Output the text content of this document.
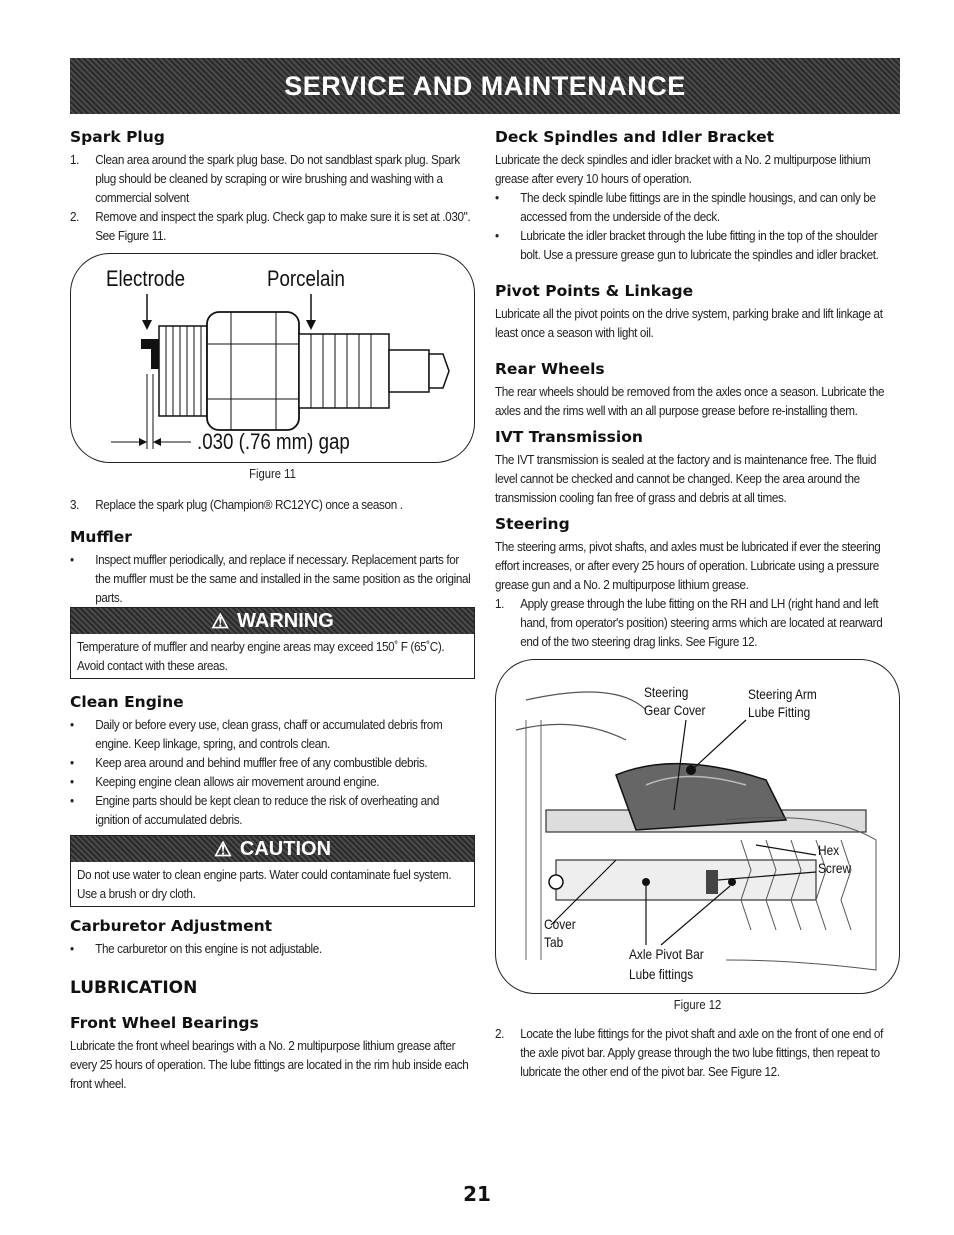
SERVICE AND MAINTENANCE
Spark Plug
1. Clean area around the spark plug base. Do not sandblast spark plug. Spark plug should be cleaned by scraping or wire brushing and washing with a commercial solvent
2. Remove and inspect the spark plug. Check gap to make sure it is set at .030". See Figure 11.
Electrode	Porcelain
.030 (.76 mm) gap
Figure 11
3. Replace the spark plug (Champion® RC12YC) once a season .
Muffler
• Inspect muffler periodically, and replace if necessary. Replacement parts for the muffler must be the same and installed in the same position as the original parts.
⚠ WARNING

Temperature of muffler and nearby engine areas may exceed 150˚ F (65˚C). Avoid contact with these areas.

Clean Engine
• Daily or before every use, clean grass, chaff or accumulated debris from engine. Keep linkage, spring, and controls clean.
• Keep area around and behind muffler free of any combustible debris.
• Keeping engine clean allows air movement around engine.
• Engine parts should be kept clean to reduce the risk of overheating and ignition of accumulated debris.
⚠ CAUTION

Do not use water to clean engine parts. Water could contaminate fuel system. Use a brush or dry cloth.

Carburetor Adjustment
• The carburetor on this engine is not adjustable.
LUBRICATION
Front Wheel Bearings

Lubricate the front wheel bearings with a No. 2 multipurpose lithium grease after every 25 hours of operation. The lube fittings are located in the rim hub inside each front wheel.

Deck Spindles and Idler Bracket

Lubricate the deck spindles and idler bracket with a No. 2 multipurpose lithium grease after every 10 hours of operation.

• The deck spindle lube fittings are in the spindle housings, and can only be accessed from the underside of the deck.
• Lubricate the idler bracket through the lube fitting in the top of the shoulder bolt. Use a pressure grease gun to lubricate the spindles and idler bracket.
Pivot Points & Linkage

Lubricate all the pivot points on the drive system, parking brake and lift linkage at least once a season with light oil.

Rear Wheels

The rear wheels should be removed from the axles once a season. Lubricate the axles and the rims well with an all purpose grease before re-installing them.

IVT Transmission

The IVT transmission is sealed at the factory and is maintenance free. The fluid level cannot be checked and cannot be changed. Keep the area around the transmission cooling fan free of grass and debris at all times.

Steering

The steering arms, pivot shafts, and axles must be lubricated if ever the steering effort increases, or after every 25 hours of operation. Lubricate using a pressure grease gun and a No. 2 multipurpose lithium grease.

1. Apply grease through the lube fitting on the RH and LH (right hand and left hand, from operator's position) steering arms which are located at rearward end of the two steering drag links. See Figure 12.
Steering
Gear Cover
Steering Arm
Lube Fitting
Hex
Screw
Cover
Tab
Axle Pivot Bar
Lube fittings
Figure 12
2. Locate the lube fittings for the pivot shaft and axle on the front of one end of the axle pivot bar. Apply grease through the two lube fittings, then repeat to lubricate the other end of the pivot bar. See Figure 12.
21
